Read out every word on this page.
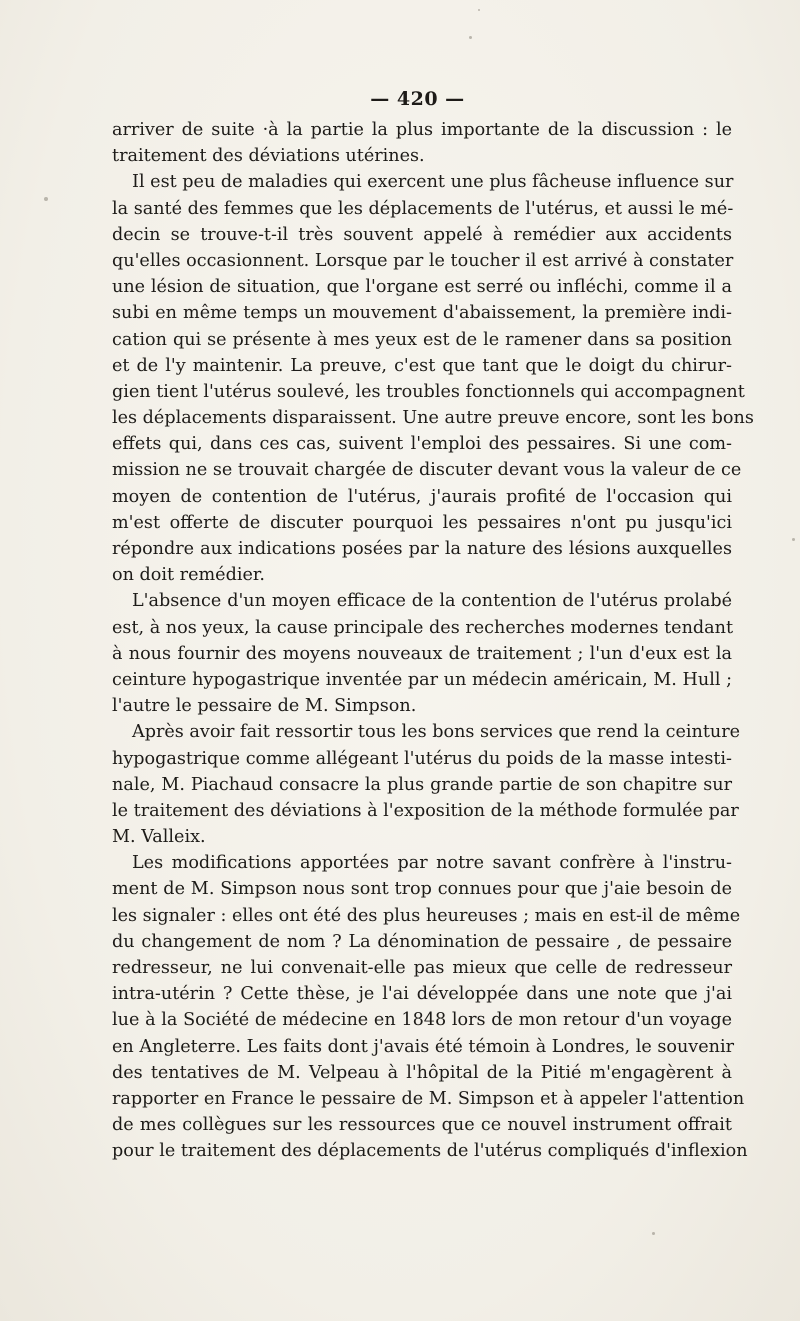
— 420 —
arriver de suite ·à la partie la plus importante de la discussion : le
traitement des déviations utérines.
Il est peu de maladies qui exercent une plus fâcheuse influence sur
la santé des femmes que les déplacements de l'utérus, et aussi le mé-
decin se trouve-t-il très souvent appelé à remédier aux accidents
qu'elles occasionnent. Lorsque par le toucher il est arrivé à constater
une lésion de situation, que l'organe est serré ou infléchi, comme il a
subi en même temps un mouvement d'abaissement, la première indi-
cation qui se présente à mes yeux est de le ramener dans sa position
et de l'y maintenir. La preuve, c'est que tant que le doigt du chirur-
gien tient l'utérus soulevé, les troubles fonctionnels qui accompagnent
les déplacements disparaissent. Une autre preuve encore, sont les bons
effets qui, dans ces cas, suivent l'emploi des pessaires. Si une com-
mission ne se trouvait chargée de discuter devant vous la valeur de ce
moyen de contention de l'utérus, j'aurais profité de l'occasion qui
m'est offerte de discuter pourquoi les pessaires n'ont pu jusqu'ici
répondre aux indications posées par la nature des lésions auxquelles
on doit remédier.
L'absence d'un moyen efficace de la contention de l'utérus prolabé
est, à nos yeux, la cause principale des recherches modernes tendant
à nous fournir des moyens nouveaux de traitement ; l'un d'eux est la
ceinture hypogastrique inventée par un médecin américain, M. Hull ;
l'autre le pessaire de M. Simpson.
Après avoir fait ressortir tous les bons services que rend la ceinture
hypogastrique comme allégeant l'utérus du poids de la masse intesti-
nale, M. Piachaud consacre la plus grande partie de son chapitre sur
le traitement des déviations à l'exposition de la méthode formulée par
M. Valleix.
Les modifications apportées par notre savant confrère à l'instru-
ment de M. Simpson nous sont trop connues pour que j'aie besoin de
les signaler : elles ont été des plus heureuses ; mais en est-il de même
du changement de nom ? La dénomination de pessaire , de pessaire
redresseur, ne lui convenait-elle pas mieux que celle de redresseur
intra-utérin ? Cette thèse, je l'ai développée dans une note que j'ai
lue à la Société de médecine en 1848 lors de mon retour d'un voyage
en Angleterre. Les faits dont j'avais été témoin à Londres, le souvenir
des tentatives de M. Velpeau à l'hôpital de la Pitié m'engagèrent à
rapporter en France le pessaire de M. Simpson et à appeler l'attention
de mes collègues sur les ressources que ce nouvel instrument offrait
pour le traitement des déplacements de l'utérus compliqués d'inflexion
